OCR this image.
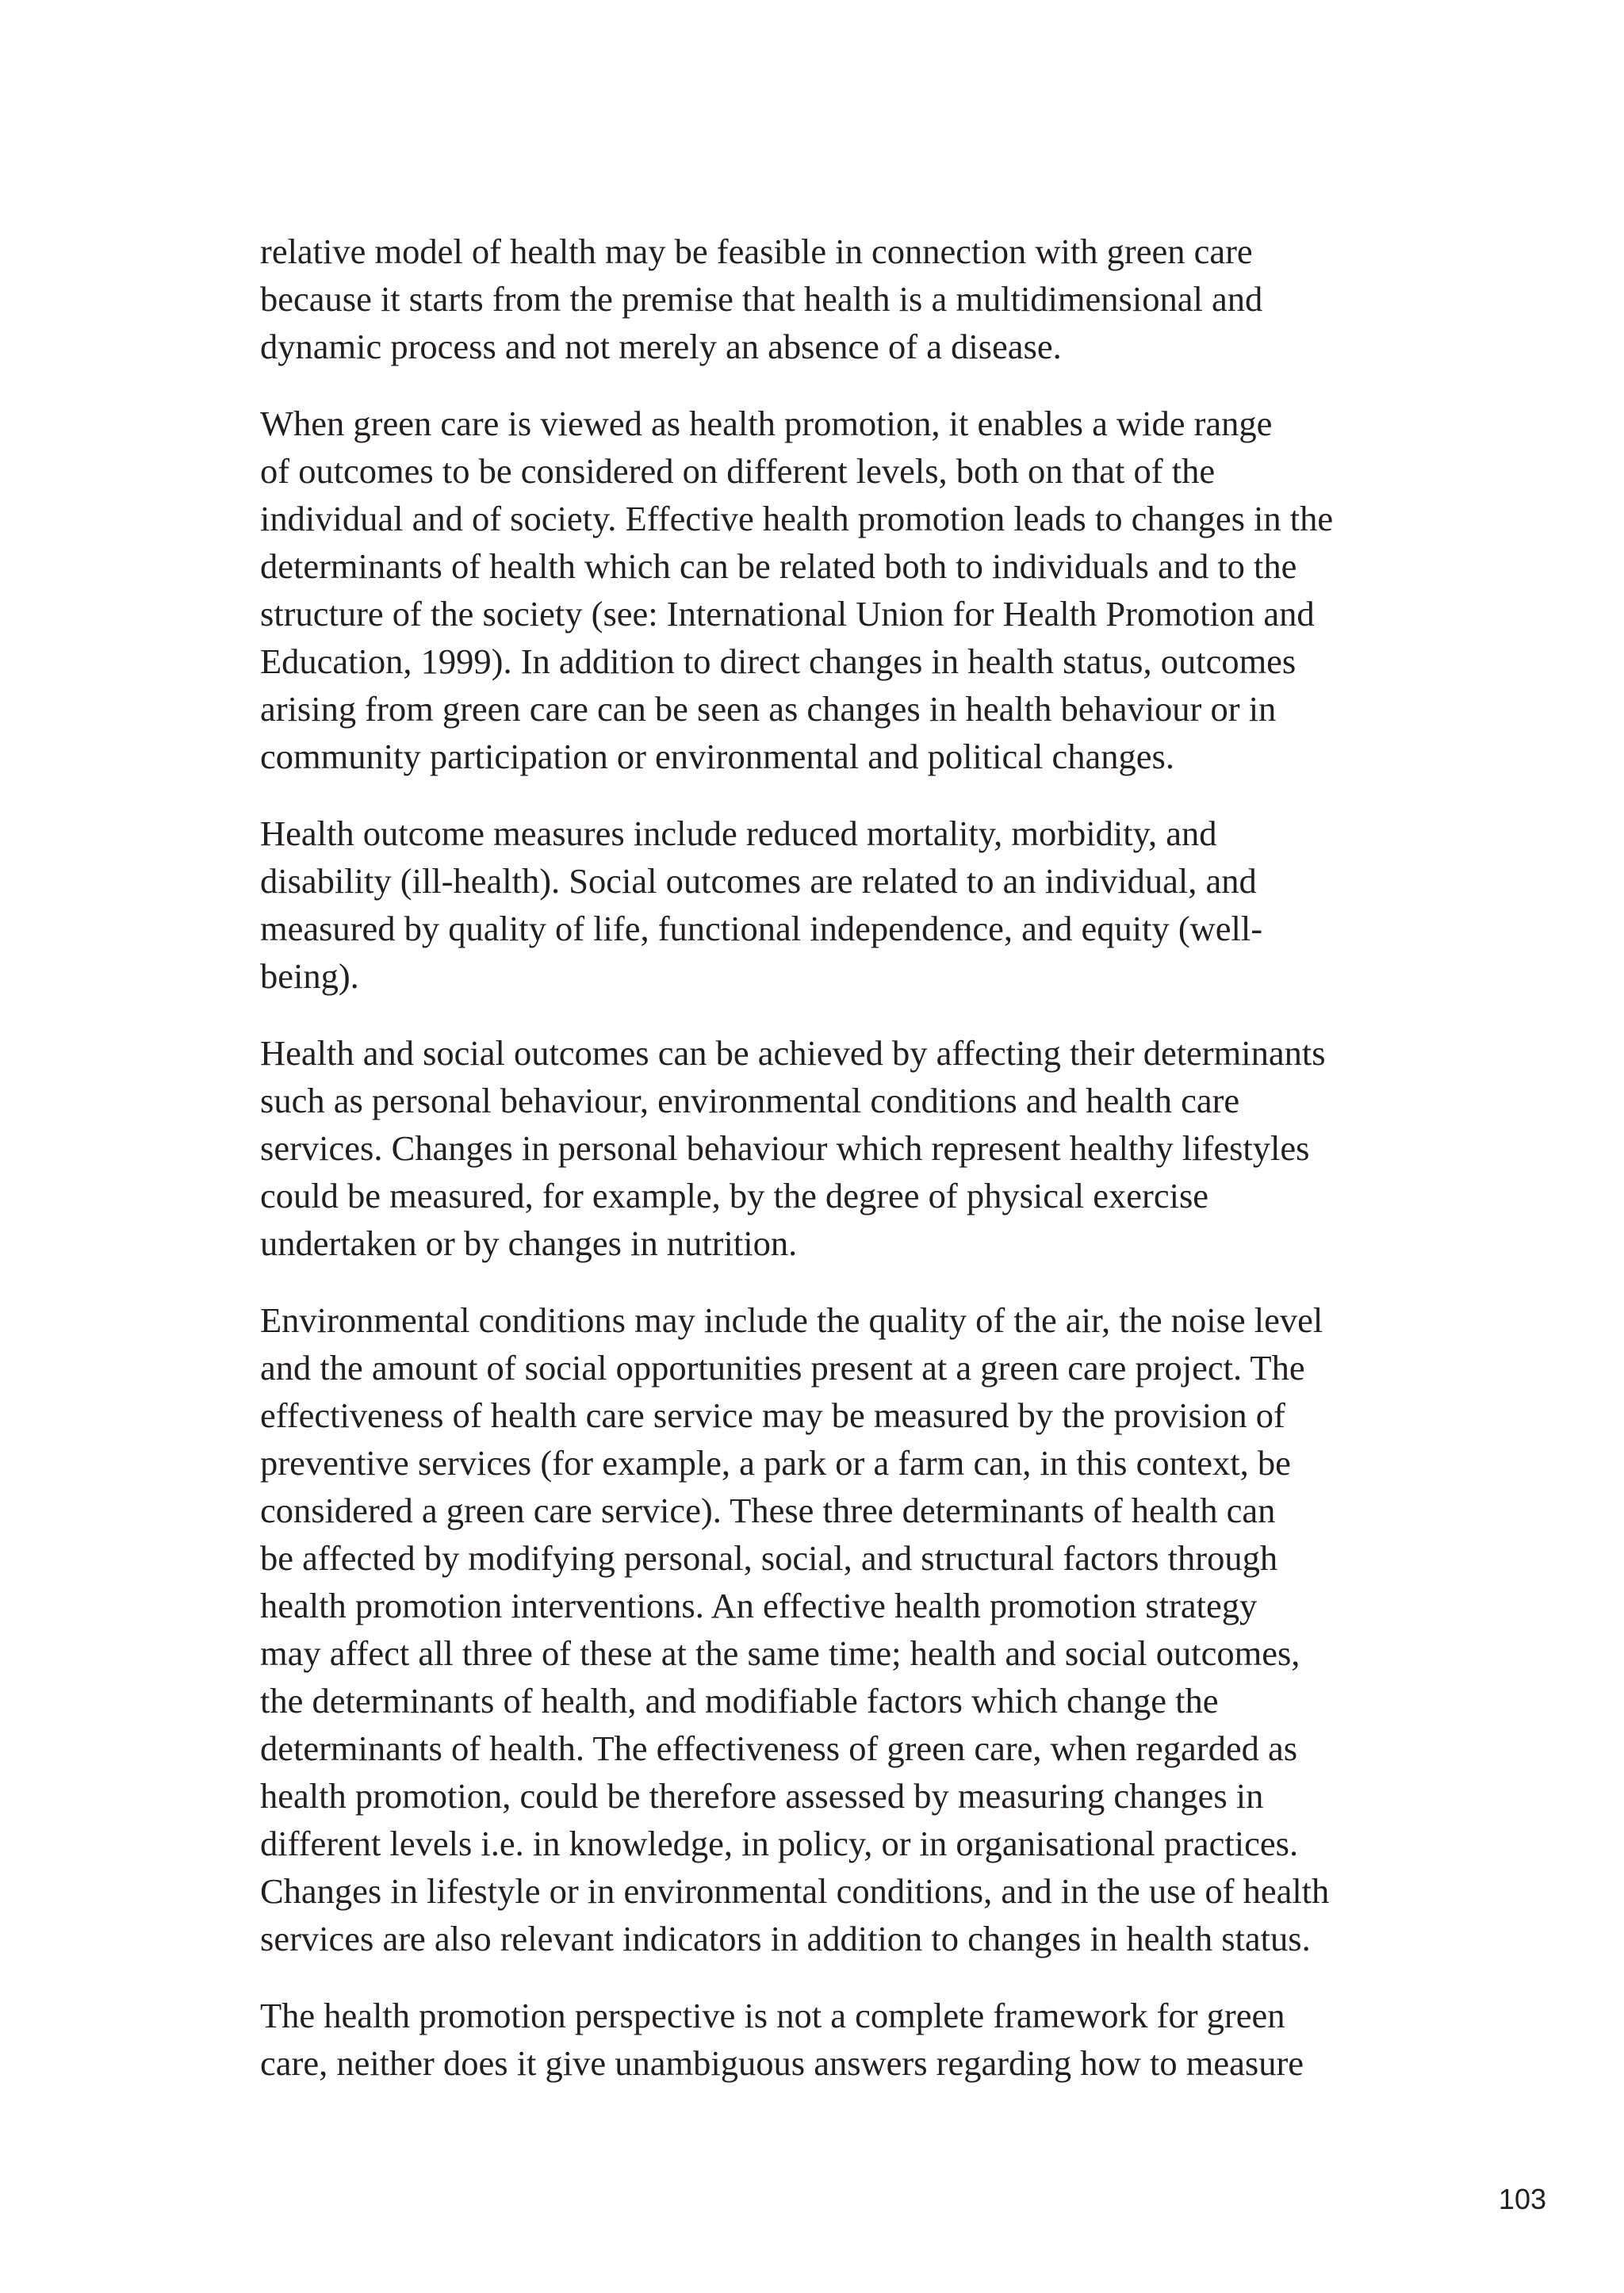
relative model of health may be feasible in connection with green care
because it starts from the premise that health is a multidimensional and
dynamic process and not merely an absence of a disease.

When green care is viewed as health promotion, it enables a wide range
of outcomes to be considered on different levels, both on that of the
individual and of society. Effective health promotion leads to changes in the
determinants of health which can be related both to individuals and to the
structure of the society (see: International Union for Health Promotion and
Education, 1999). In addition to direct changes in health status, outcomes
arising from green care can be seen as changes in health behaviour or in
community participation or environmental and political changes.

Health outcome measures include reduced mortality, morbidity, and
disability (ill-health). Social outcomes are related to an individual, and
measured by quality of life, functional independence, and equity (well-
being).

Health and social outcomes can be achieved by affecting their determinants
such as personal behaviour, environmental conditions and health care
services. Changes in personal behaviour which represent healthy lifestyles
could be measured, for example, by the degree of physical exercise
undertaken or by changes in nutrition.

Environmental conditions may include the quality of the air, the noise level
and the amount of social opportunities present at a green care project. The
effectiveness of health care service may be measured by the provision of
preventive services (for example, a park or a farm can, in this context, be
considered a green care service). These three determinants of health can
be affected by modifying personal, social, and structural factors through
health promotion interventions. An effective health promotion strategy
may affect all three of these at the same time; health and social outcomes,
the determinants of health, and modifiable factors which change the
determinants of health. The effectiveness of green care, when regarded as
health promotion, could be therefore assessed by measuring changes in
different levels i.e. in knowledge, in policy, or in organisational practices.
Changes in lifestyle or in environmental conditions, and in the use of health
services are also relevant indicators in addition to changes in health status.

The health promotion perspective is not a complete framework for green
care, neither does it give unambiguous answers regarding how to measure

103
